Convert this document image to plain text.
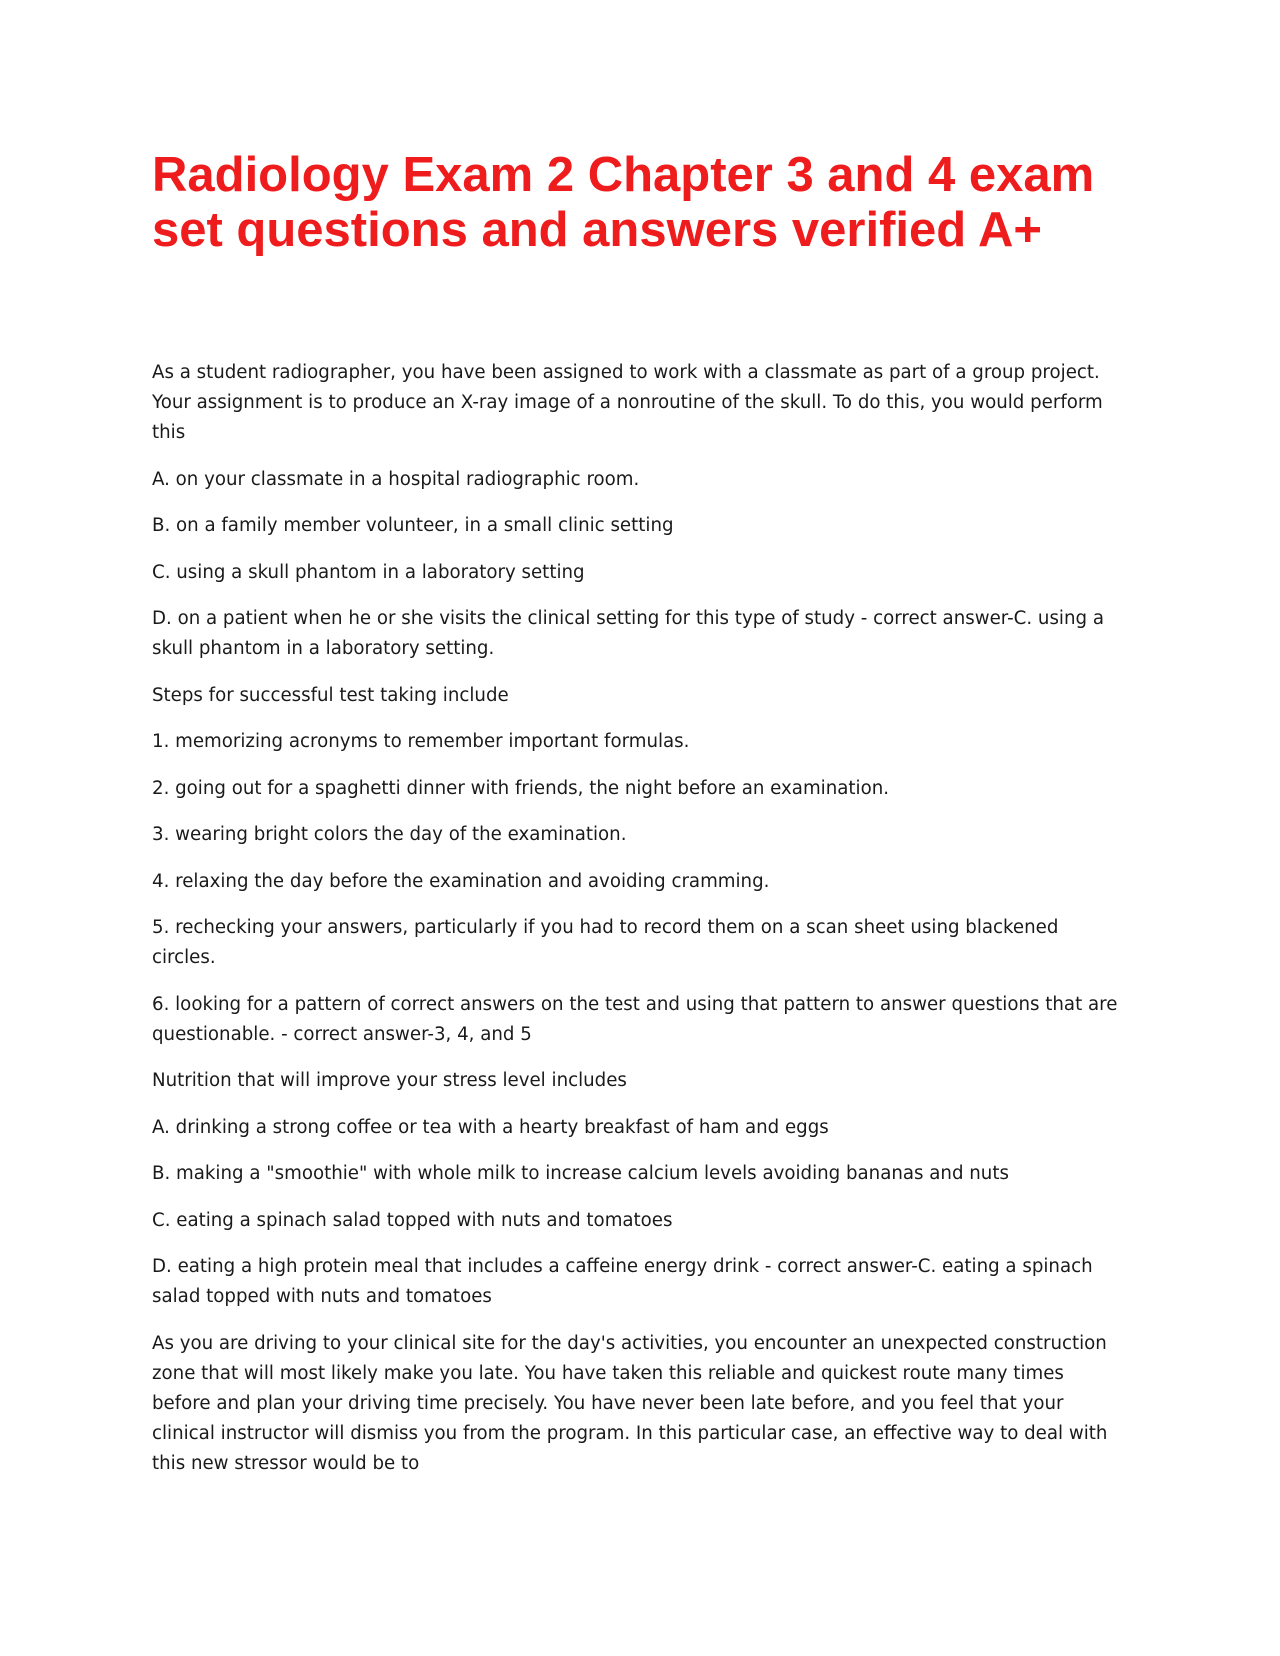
Radiology Exam 2 Chapter 3 and 4 exam set questions and answers verified A+

As a student radiographer, you have been assigned to work with a classmate as part of a group project. Your assignment is to produce an X-ray image of a nonroutine of the skull. To do this, you would perform this

A. on your classmate in a hospital radiographic room.

B. on a family member volunteer, in a small clinic setting

C. using a skull phantom in a laboratory setting

D. on a patient when he or she visits the clinical setting for this type of study - correct answer-C. using a skull phantom in a laboratory setting.

Steps for successful test taking include

1. memorizing acronyms to remember important formulas.

2. going out for a spaghetti dinner with friends, the night before an examination.

3. wearing bright colors the day of the examination.

4. relaxing the day before the examination and avoiding cramming.

5. rechecking your answers, particularly if you had to record them on a scan sheet using blackened circles.

6. looking for a pattern of correct answers on the test and using that pattern to answer questions that are questionable. - correct answer-3, 4, and 5

Nutrition that will improve your stress level includes

A. drinking a strong coffee or tea with a hearty breakfast of ham and eggs

B. making a "smoothie" with whole milk to increase calcium levels avoiding bananas and nuts

C. eating a spinach salad topped with nuts and tomatoes

D. eating a high protein meal that includes a caffeine energy drink - correct answer-C. eating a spinach salad topped with nuts and tomatoes

As you are driving to your clinical site for the day's activities, you encounter an unexpected construction zone that will most likely make you late. You have taken this reliable and quickest route many times before and plan your driving time precisely. You have never been late before, and you feel that your clinical instructor will dismiss you from the program. In this particular case, an effective way to deal with this new stressor would be to
